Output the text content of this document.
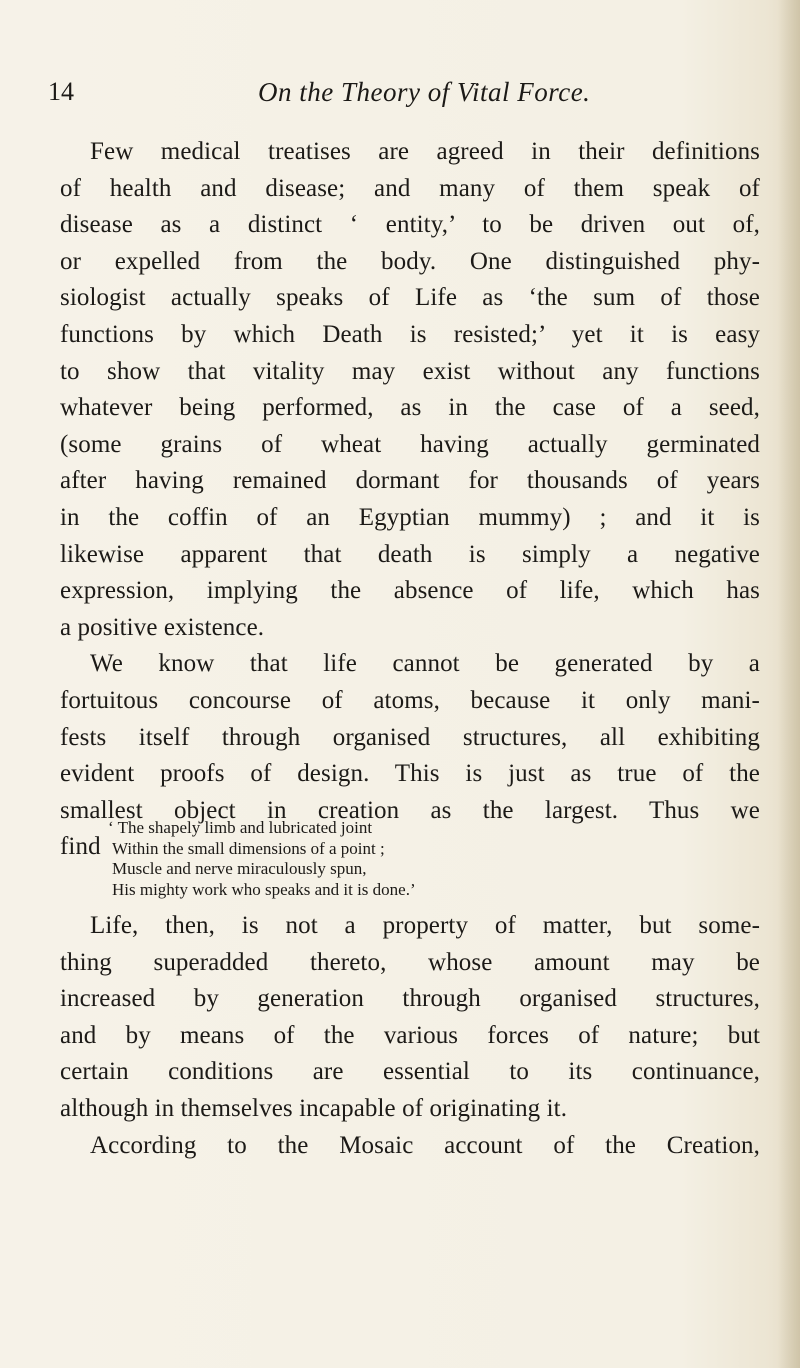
14	On the Theory of Vital Force.
Few medical treatises are agreed in their definitions
of health and disease; and many of them speak of
disease as a distinct ‘ entity,’ to be driven out of,
or expelled from the body. One distinguished phy-
siologist actually speaks of Life as ‘the sum of those
functions by which Death is resisted;’ yet it is easy
to show that vitality may exist without any functions
whatever being performed, as in the case of a seed,
(some grains of wheat having actually germinated
after having remained dormant for thousands of years
in the coffin of an Egyptian mummy) ; and it is
likewise apparent that death is simply a negative
expression, implying the absence of life, which has
a positive existence.
We know that life cannot be generated by a
fortuitous concourse of atoms, because it only mani-
fests itself through organised structures, all exhibiting
evident proofs of design. This is just as true of the
smallest object in creation as the largest. Thus we
find
‘ The shapely limb and lubricated joint
Within the small dimensions of a point ;
Muscle and nerve miraculously spun,
His mighty work who speaks and it is done.’
Life, then, is not a property of matter, but some-
thing superadded thereto, whose amount may be
increased by generation through organised structures,
and by means of the various forces of nature; but
certain conditions are essential to its continuance,
although in themselves incapable of originating it.
According to the Mosaic account of the Creation,
